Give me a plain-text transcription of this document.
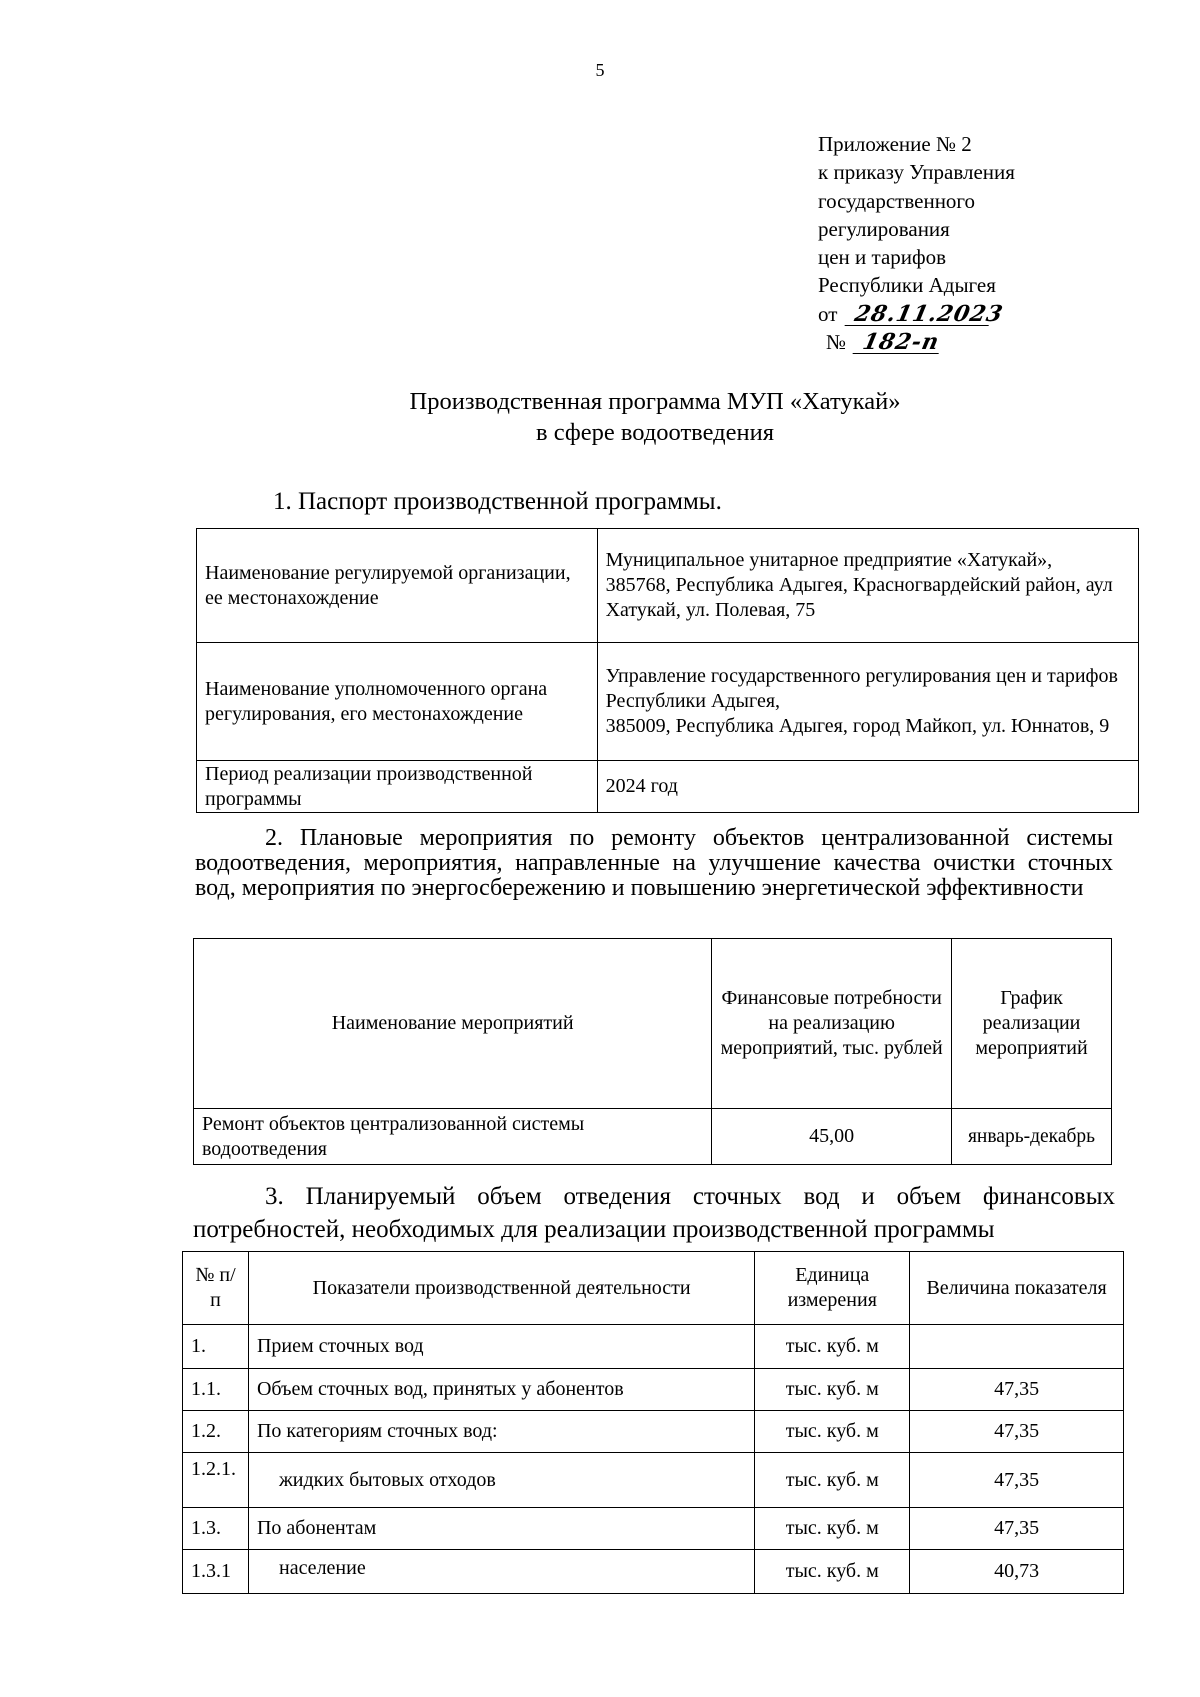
5
Приложение № 2
к приказу Управления
государственного
регулирования
цен и тарифов
Республики Адыгея
от 28.11.2023
№ 182-п
Производственная программа МУП «Хатукай»
в сфере водоотведения
1. Паспорт производственной программы.
Наименование регулируемой организации, ее местонахождение	Муниципальное унитарное предприятие «Хатукай»,
385768, Республика Адыгея, Красногвардейский район, аул Хатукай, ул. Полевая, 75

Наименование уполномоченного органа регулирования, его местонахождение	Управление государственного регулирования цен и тарифов Республики Адыгея,
385009, Республика Адыгея, город Майкоп, ул. Юннатов, 9

Период реализации производственной программы	2024 год
2. Плановые мероприятия по ремонту объектов централизованной системы водоотведения, мероприятия, направленные на улучшение качества очистки сточных вод, мероприятия по энергосбережению и повышению энергетической эффективности
Наименование мероприятий	Финансовые потребности на реализацию мероприятий, тыс. рублей	График реализации мероприятий
Ремонт объектов централизованной системы водоотведения	45,00	январь-декабрь
3. Планируемый объем отведения сточных вод и объем финансовых потребностей, необходимых для реализации производственной программы
№ п/п	Показатели производственной деятельности	Единица измерения	Величина показателя
1.	Прием сточных вод	тыс. куб. м	
1.1.	Объем сточных вод, принятых у абонентов	тыс. куб. м	47,35
1.2.	По категориям сточных вод:	тыс. куб. м	47,35
1.2.1.	жидких бытовых отходов	тыс. куб. м	47,35
1.3.	По абонентам	тыс. куб. м	47,35
1.3.1	население	тыс. куб. м	40,73
